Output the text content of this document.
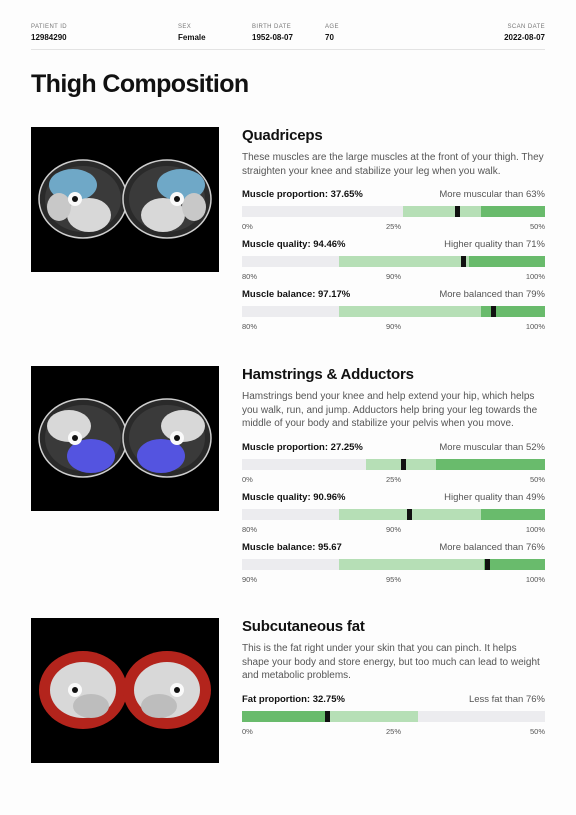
PATIENT ID
12984290
SEX
Female
BIRTH DATE
1952-08-07
AGE
70
SCAN DATE
2022-08-07
Thigh Composition
Quadriceps
These muscles are the large muscles at the front of your thigh. They straighten your knee and stabilize your leg when you walk.
Muscle proportion: 37.65%	More muscular than 63%
0%	25%	50%
Muscle quality: 94.46%	Higher quality than 71%
80%	90%	100%
Muscle balance: 97.17%	More balanced than 79%
80%	90%	100%
Hamstrings & Adductors
Hamstrings bend your knee and help extend your hip, which helps you walk, run, and jump. Adductors help bring your leg towards the middle of your body and stabilize your pelvis when you move.
Muscle proportion: 27.25%	More muscular than 52%
0%	25%	50%
Muscle quality: 90.96%	Higher quality than 49%
80%	90%	100%
Muscle balance: 95.67	More balanced than 76%
90%	95%	100%
Subcutaneous fat
This is the fat right under your skin that you can pinch. It helps shape your body and store energy, but too much can lead to weight and metabolic problems.
Fat proportion: 32.75%	Less fat than 76%
0%	25%	50%
